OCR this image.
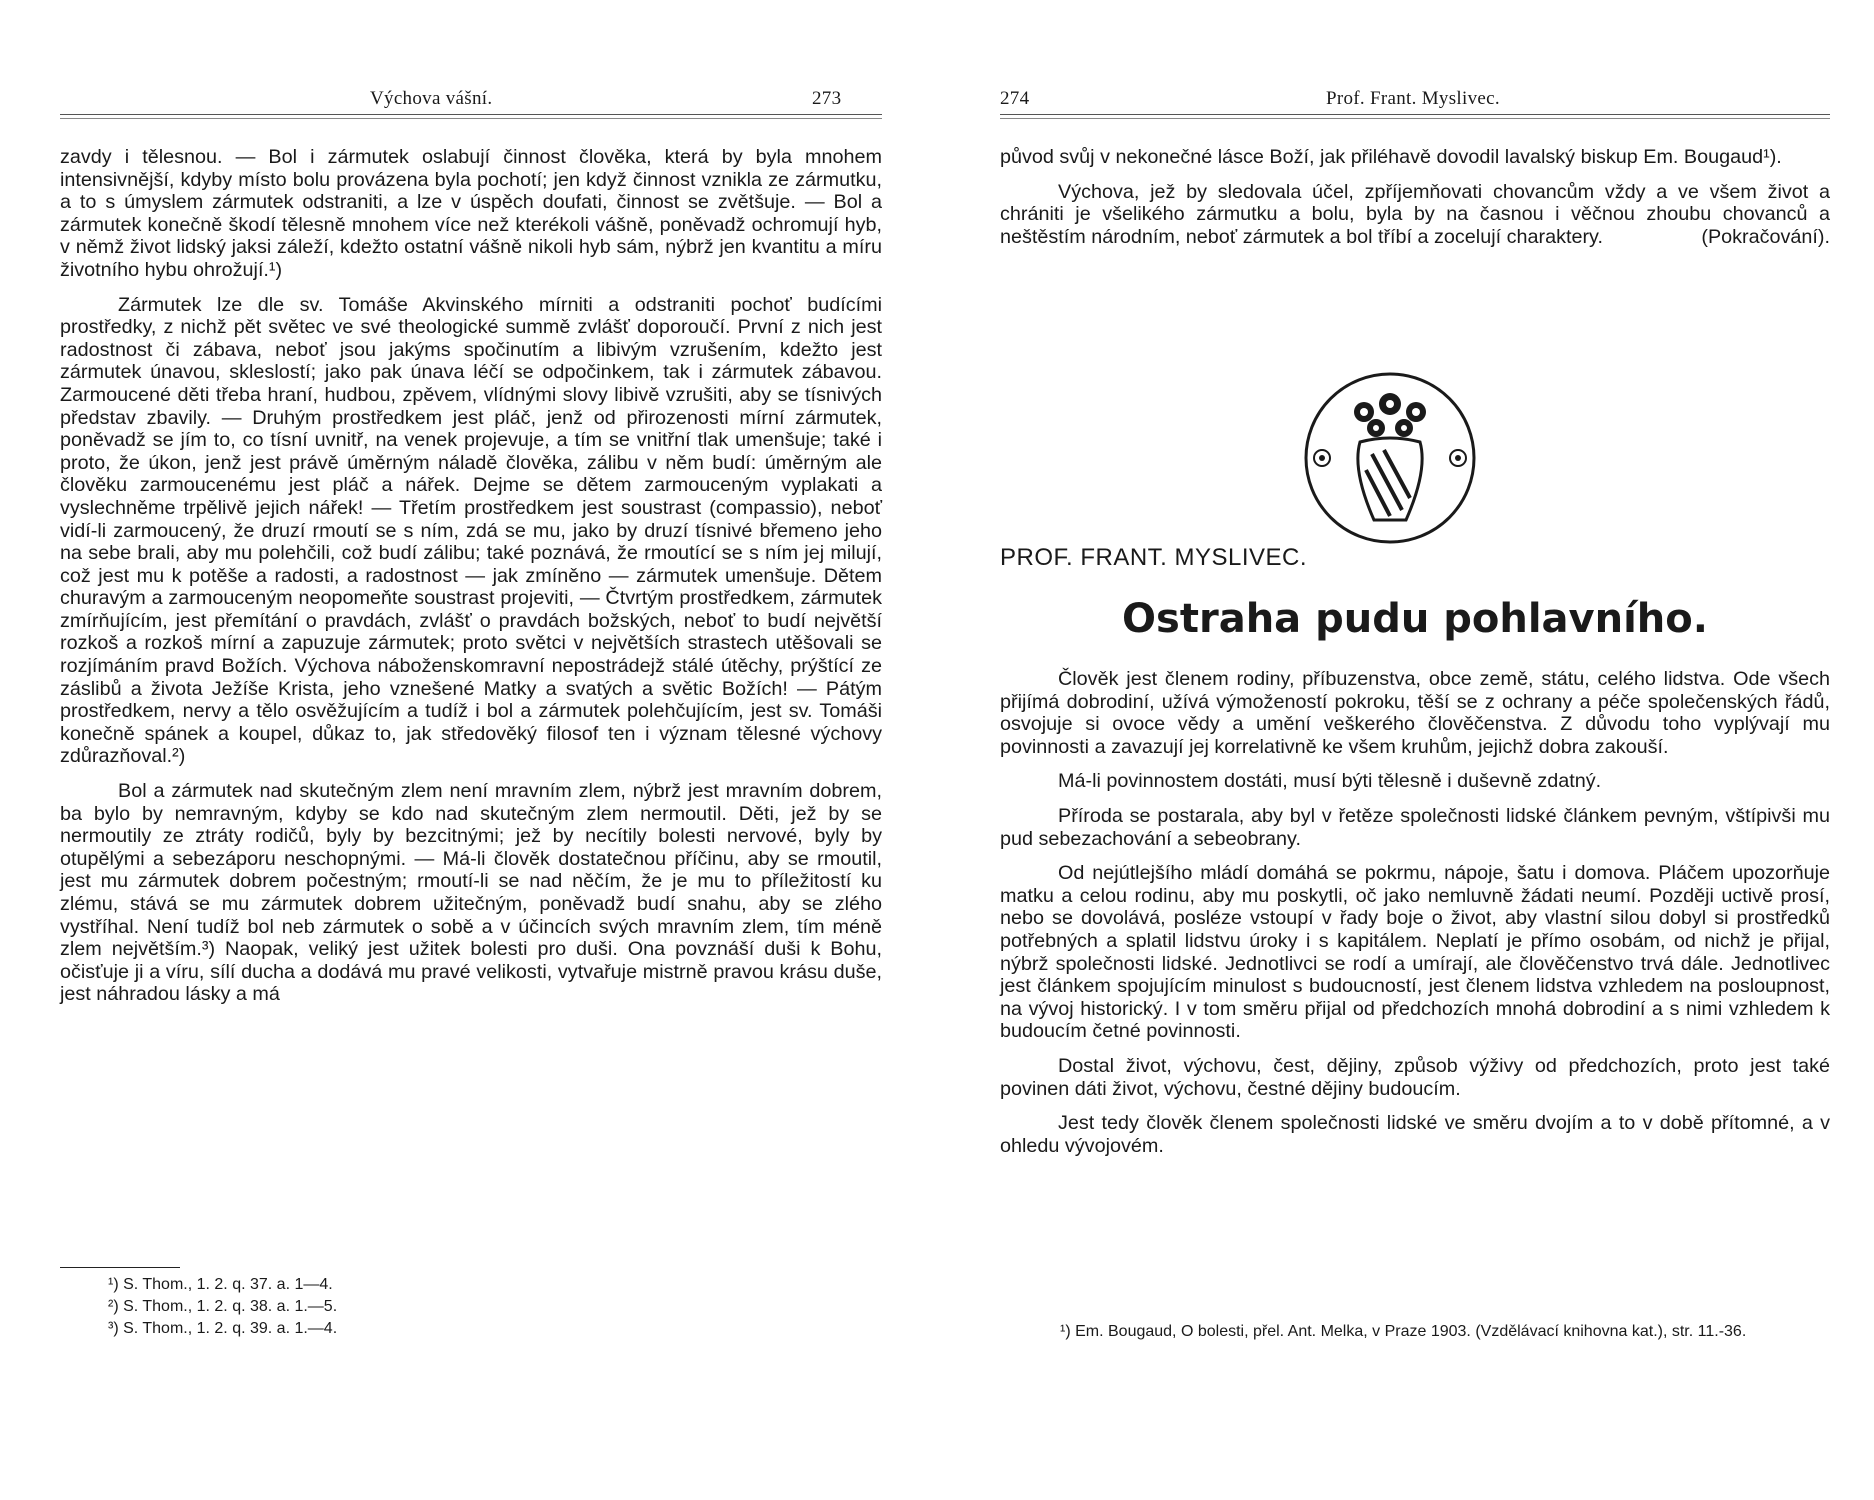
Výchova vášní.	273

zavdy i tělesnou. — Bol i zármutek oslabují činnost člověka, která by byla mnohem intensivnější, kdyby místo bolu provázena byla pochotí; jen když činnost vznikla ze zármutku, a to s úmyslem zármutek odstraniti, a lze v úspěch doufati, činnost se zvětšuje. — Bol a zármutek konečně škodí tělesně mnohem více než kterékoli vášně, poněvadž ochromují hyb, v němž život lidský jaksi záleží, kdežto ostatní vášně nikoli hyb sám, nýbrž jen kvantitu a míru životního hybu ohrožují.¹)

Zármutek lze dle sv. Tomáše Akvinského mírniti a odstraniti pochoť budícími prostředky, z nichž pět světec ve své theologické summě zvlášť doporoučí. První z nich jest radostnost či zábava, neboť jsou jakýms spočinutím a libivým vzrušením, kdežto jest zármutek únavou, skleslostí; jako pak únava léčí se odpočinkem, tak i zármutek zábavou. Zarmoucené děti třeba hraní, hudbou, zpěvem, vlídnými slovy libivě vzrušiti, aby se tísnivých představ zbavily. — Druhým prostředkem jest pláč, jenž od přirozenosti mírní zármutek, poněvadž se jím to, co tísní uvnitř, na venek projevuje, a tím se vnitřní tlak umenšuje; také i proto, že úkon, jenž jest právě úměrným náladě člověka, zálibu v něm budí: úměrným ale člověku zarmoucenému jest pláč a nářek. Dejme se dětem zarmouceným vyplakati a vyslechněme trpělivě jejich nářek! — Třetím prostředkem jest soustrast (compassio), neboť vidí-li zarmoucený, že druzí rmoutí se s ním, zdá se mu, jako by druzí tísnivé břemeno jeho na sebe brali, aby mu polehčili, což budí zálibu; také poznává, že rmoutící se s ním jej milují, což jest mu k potěše a radosti, a radostnost — jak zmíněno — zármutek umenšuje. Dětem churavým a zarmouceným neopomeňte soustrast projeviti, — Čtvrtým prostředkem, zármutek zmírňujícím, jest přemítání o pravdách, zvlášť o pravdách božských, neboť to budí největší rozkoš a rozkoš mírní a zapuzuje zármutek; proto světci v největších strastech utěšovali se rozjímáním pravd Božích. Výchova náboženskomravní nepostrádejž stálé útěchy, prýštící ze záslibů a života Ježíše Krista, jeho vznešené Matky a svatých a světic Božích! — Pátým prostředkem, nervy a tělo osvěžujícím a tudíž i bol a zármutek polehčujícím, jest sv. Tomáši konečně spánek a koupel, důkaz to, jak středověký filosof ten i význam tělesné výchovy zdůrazňoval.²)

Bol a zármutek nad skutečným zlem není mravním zlem, nýbrž jest mravním dobrem, ba bylo by nemravným, kdyby se kdo nad skutečným zlem nermoutil. Děti, jež by se nermoutily ze ztráty rodičů, byly by bezcitnými; jež by necítily bolesti nervové, byly by otupělými a sebezáporu neschopnými. — Má-li člověk dostatečnou příčinu, aby se rmoutil, jest mu zármutek dobrem počestným; rmoutí-li se nad něčím, že je mu to příležitostí ku zlému, stává se mu zármutek dobrem užitečným, poněvadž budí snahu, aby se zlého vystříhal. Není tudíž bol neb zármutek o sobě a v účincích svých mravním zlem, tím méně zlem největším.³) Naopak, veliký jest užitek bolesti pro duši. Ona povznáší duši k Bohu, očisťuje ji a víru, sílí ducha a dodává mu pravé velikosti, vytvařuje mistrně pravou krásu duše, jest náhradou lásky a má

¹) S. Thom., 1. 2. q. 37. a. 1—4.
²) S. Thom., 1. 2. q. 38. a. 1.—5.
³) S. Thom., 1. 2. q. 39. a. 1.—4.
274	Prof. Frant. Myslivec.

původ svůj v nekonečné lásce Boží, jak přiléhavě dovodil lavalský biskup Em. Bougaud¹).

Výchova, jež by sledovala účel, zpříjemňovati chovancům vždy a ve všem život a chrániti je všelikého zármutku a bolu, byla by na časnou i věčnou zhoubu chovanců a neštěstím národním, neboť zármutek a bol tříbí a zocelují charaktery.	(Pokračování).

PROF. FRANT. MYSLIVEC.
Ostraha pudu pohlavního.

Člověk jest členem rodiny, příbuzenstva, obce země, státu, celého lidstva. Ode všech přijímá dobrodiní, užívá výmožeností pokroku, těší se z ochrany a péče společenských řádů, osvojuje si ovoce vědy a umění veškerého člověčenstva. Z důvodu toho vyplývají mu povinnosti a zavazují jej korrelativně ke všem kruhům, jejichž dobra zakouší.

Má-li povinnostem dostáti, musí býti tělesně i duševně zdatný.

Příroda se postarala, aby byl v řetěze společnosti lidské článkem pevným, vštípivši mu pud sebezachování a sebeobrany.

Od nejútlejšího mládí domáhá se pokrmu, nápoje, šatu i domova. Pláčem upozorňuje matku a celou rodinu, aby mu poskytli, oč jako nemluvně žádati neumí. Později uctivě prosí, nebo se dovolává, posléze vstoupí v řady boje o život, aby vlastní silou dobyl si prostředků potřebných a splatil lidstvu úroky i s kapitálem. Neplatí je přímo osobám, od nichž je přijal, nýbrž společnosti lidské. Jednotlivci se rodí a umírají, ale člověčenstvo trvá dále. Jednotlivec jest článkem spojujícím minulost s budoucností, jest členem lidstva vzhledem na posloupnost, na vývoj historický. I v tom směru přijal od předchozích mnohá dobrodiní a s nimi vzhledem k budoucím četné povinnosti.

Dostal život, výchovu, čest, dějiny, způsob výživy od předchozích, proto jest také povinen dáti život, výchovu, čestné dějiny budoucím.

Jest tedy člověk členem společnosti lidské ve směru dvojím a to v době přítomné, a v ohledu vývojovém.

¹) Em. Bougaud, O bolesti, přel. Ant. Melka, v Praze 1903. (Vzdělávací knihovna kat.), str. 11.-36.
